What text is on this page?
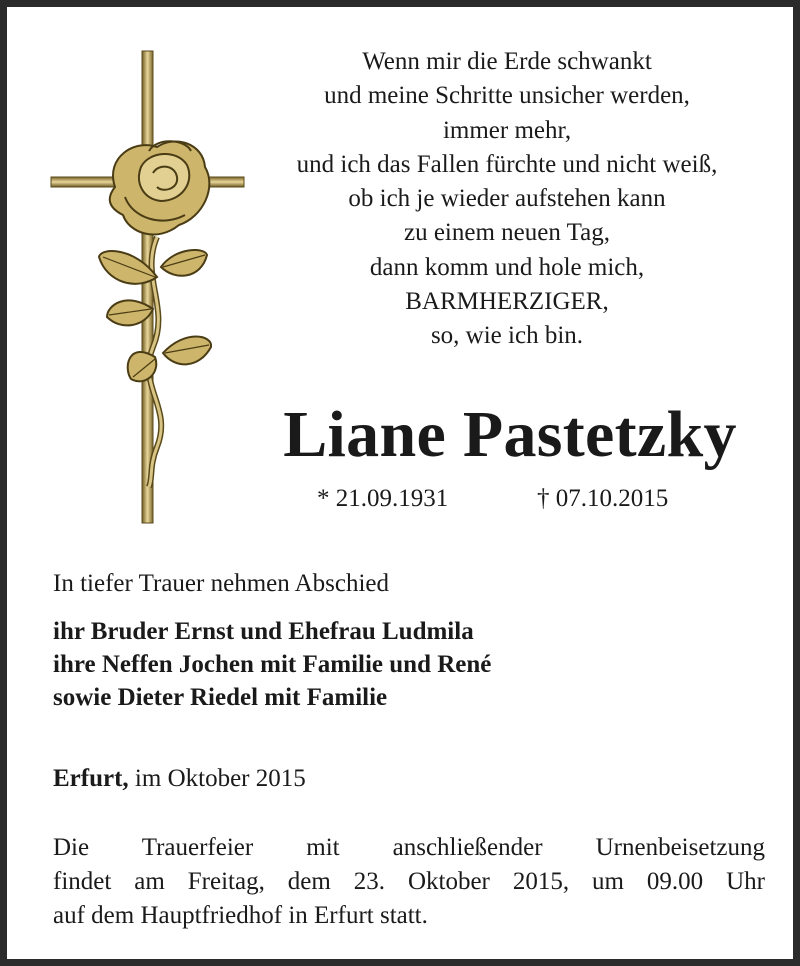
Wenn mir die Erde schwankt
und meine Schritte unsicher werden,
immer mehr,
und ich das Fallen fürchte und nicht weiß,
ob ich je wieder aufstehen kann
zu einem neuen Tag,
dann komm und hole mich,
BARMHERZIGER,
so, wie ich bin.
Liane Pastetzky
* 21.09.1931	† 07.10.2015
In tiefer Trauer nehmen Abschied
ihr Bruder Ernst und Ehefrau Ludmila
ihre Neffen Jochen mit Familie und René
sowie Dieter Riedel mit Familie
Erfurt, im Oktober 2015
Die Trauerfeier mit anschließender Urnenbeisetzung
findet am Freitag, dem 23. Oktober 2015, um 09.00 Uhr
auf dem Hauptfriedhof in Erfurt statt.
